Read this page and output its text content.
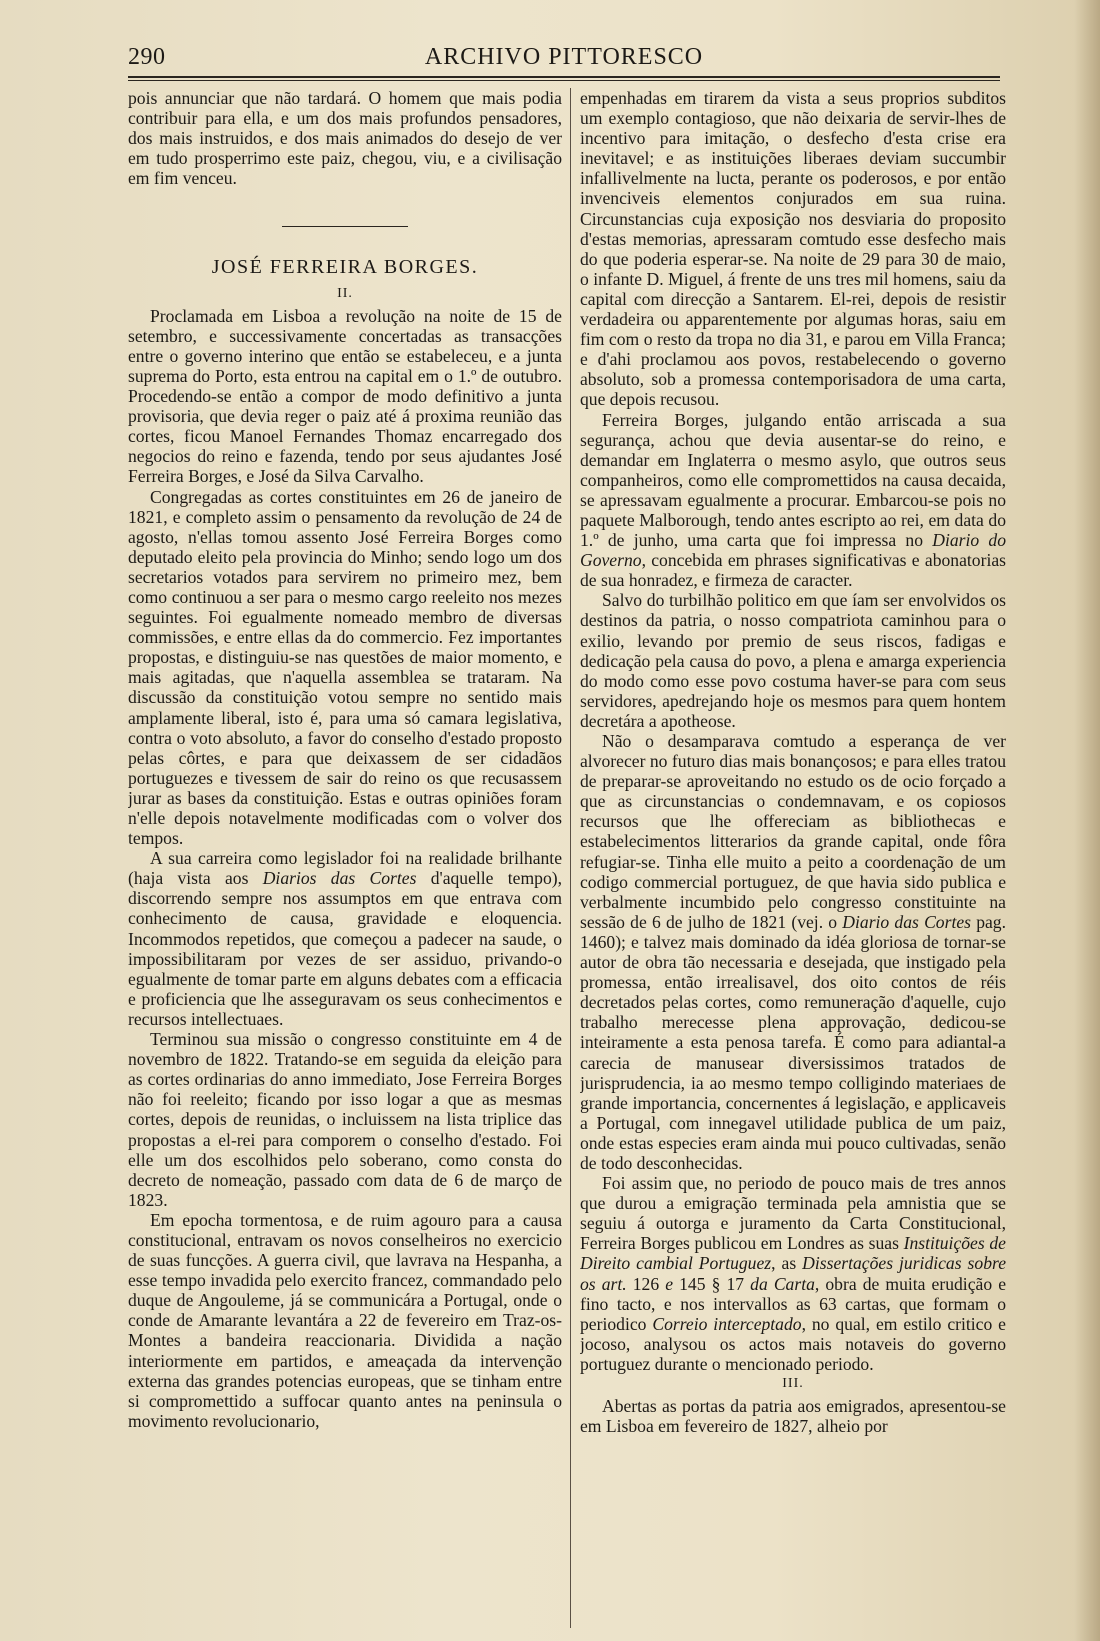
ARCHIVO PITTORESCO
290

pois annunciar que não tardará. O homem que mais podia contribuir para ella, e um dos mais profundos pensadores, dos mais instruidos, e dos mais animados do desejo de ver em tudo prosperrimo este paiz, chegou, viu, e a civilisação em fim venceu.

JOSÉ FERREIRA BORGES.
II.

Proclamada em Lisboa a revolução na noite de 15 de setembro, e successivamente concertadas as transacções entre o governo interino que então se estabeleceu, e a junta suprema do Porto, esta entrou na capital em o 1.º de outubro. Procedendo-se então a compor de modo definitivo a junta provisoria, que devia reger o paiz até á proxima reunião das cortes, ficou Manoel Fernandes Thomaz encarregado dos negocios do reino e fazenda, tendo por seus ajudantes José Ferreira Borges, e José da Silva Carvalho.

Congregadas as cortes constituintes em 26 de janeiro de 1821, e completo assim o pensamento da revolução de 24 de agosto, n'ellas tomou assento José Ferreira Borges como deputado eleito pela provincia do Minho; sendo logo um dos secretarios votados para servirem no primeiro mez, bem como continuou a ser para o mesmo cargo reeleito nos mezes seguintes. Foi egualmente nomeado membro de diversas commissões, e entre ellas da do commercio. Fez importantes propostas, e distinguiu-se nas questões de maior momento, e mais agitadas, que n'aquella assemblea se trataram. Na discussão da constituição votou sempre no sentido mais amplamente liberal, isto é, para uma só camara legislativa, contra o voto absoluto, a favor do conselho d'estado proposto pelas côrtes, e para que deixassem de ser cidadãos portuguezes e tivessem de sair do reino os que recusassem jurar as bases da constituição. Estas e outras opiniões foram n'elle depois notavelmente modificadas com o volver dos tempos.

A sua carreira como legislador foi na realidade brilhante (haja vista aos Diarios das Cortes d'aquelle tempo), discorrendo sempre nos assumptos em que entrava com conhecimento de causa, gravidade e eloquencia. Incommodos repetidos, que começou a padecer na saude, o impossibilitaram por vezes de ser assiduo, privando-o egualmente de tomar parte em alguns debates com a efficacia e proficiencia que lhe asseguravam os seus conhecimentos e recursos intellectuaes.

Terminou sua missão o congresso constituinte em 4 de novembro de 1822. Tratando-se em seguida da eleição para as cortes ordinarias do anno immediato, Jose Ferreira Borges não foi reeleito; ficando por isso logar a que as mesmas cortes, depois de reunidas, o incluissem na lista triplice das propostas a el-rei para comporem o conselho d'estado. Foi elle um dos escolhidos pelo soberano, como consta do decreto de nomeação, passado com data de 6 de março de 1823.

Em epocha tormentosa, e de ruim agouro para a causa constitucional, entravam os novos conselheiros no exercicio de suas funcções. A guerra civil, que lavrava na Hespanha, a esse tempo invadida pelo exercito francez, commandado pelo duque de Angouleme, já se communicára a Portugal, onde o conde de Amarante levantára a 22 de fevereiro em Traz-os-Montes a bandeira reaccionaria. Dividida a nação interiormente em partidos, e ameaçada da intervenção externa das grandes potencias europeas, que se tinham entre si compromettido a suffocar quanto antes na peninsula o movimento revolucionario,

empenhadas em tirarem da vista a seus proprios subditos um exemplo contagioso, que não deixaria de servir-lhes de incentivo para imitação, o desfecho d'esta crise era inevitavel; e as instituições liberaes deviam succumbir infallivelmente na lucta, perante os poderosos, e por então invenciveis elementos conjurados em sua ruina. Circunstancias cuja exposição nos desviaria do proposito d'estas memorias, apressaram comtudo esse desfecho mais do que poderia esperar-se. Na noite de 29 para 30 de maio, o infante D. Miguel, á frente de uns tres mil homens, saiu da capital com direcção a Santarem. El-rei, depois de resistir verdadeira ou apparentemente por algumas horas, saiu em fim com o resto da tropa no dia 31, e parou em Villa Franca; e d'ahi proclamou aos povos, restabelecendo o governo absoluto, sob a promessa contemporisadora de uma carta, que depois recusou.

Ferreira Borges, julgando então arriscada a sua segurança, achou que devia ausentar-se do reino, e demandar em Inglaterra o mesmo asylo, que outros seus companheiros, como elle compromettidos na causa decaida, se apressavam egualmente a procurar. Embarcou-se pois no paquete Malborough, tendo antes escripto ao rei, em data do 1.º de junho, uma carta que foi impressa no Diario do Governo, concebida em phrases significativas e abonatorias de sua honradez, e firmeza de caracter.

Salvo do turbilhão politico em que íam ser envolvidos os destinos da patria, o nosso compatriota caminhou para o exilio, levando por premio de seus riscos, fadigas e dedicação pela causa do povo, a plena e amarga experiencia do modo como esse povo costuma haver-se para com seus servidores, apedrejando hoje os mesmos para quem hontem decretára a apotheose.

Não o desamparava comtudo a esperança de ver alvorecer no futuro dias mais bonançosos; e para elles tratou de preparar-se aproveitando no estudo os de ocio forçado a que as circunstancias o condemnavam, e os copiosos recursos que lhe offereciam as bibliothecas e estabelecimentos litterarios da grande capital, onde fôra refugiar-se. Tinha elle muito a peito a coordenação de um codigo commercial portuguez, de que havia sido publica e verbalmente incumbido pelo congresso constituinte na sessão de 6 de julho de 1821 (vej. o Diario das Cortes pag. 1460); e talvez mais dominado da idéa gloriosa de tornar-se autor de obra tão necessaria e desejada, que instigado pela promessa, então irrealisavel, dos oito contos de réis decretados pelas cortes, como remuneração d'aquelle, cujo trabalho merecesse plena approvação, dedicou-se inteiramente a esta penosa tarefa. É como para adiantal-a carecia de manusear diversissimos tratados de jurisprudencia, ia ao mesmo tempo colligindo materiaes de grande importancia, concernentes á legislação, e applicaveis a Portugal, com innegavel utilidade publica de um paiz, onde estas especies eram ainda mui pouco cultivadas, senão de todo desconhecidas.

Foi assim que, no periodo de pouco mais de tres annos que durou a emigração terminada pela amnistia que se seguiu á outorga e juramento da Carta Constitucional, Ferreira Borges publicou em Londres as suas Instituições de Direito cambial Portuguez, as Dissertações juridicas sobre os art. 126 e 145 § 17 da Carta, obra de muita erudição e fino tacto, e nos intervallos as 63 cartas, que formam o periodico Correio interceptado, no qual, em estilo critico e jocoso, analysou os actos mais notaveis do governo portuguez durante o mencionado periodo.

III.

Abertas as portas da patria aos emigrados, apresentou-se em Lisboa em fevereiro de 1827, alheio por
